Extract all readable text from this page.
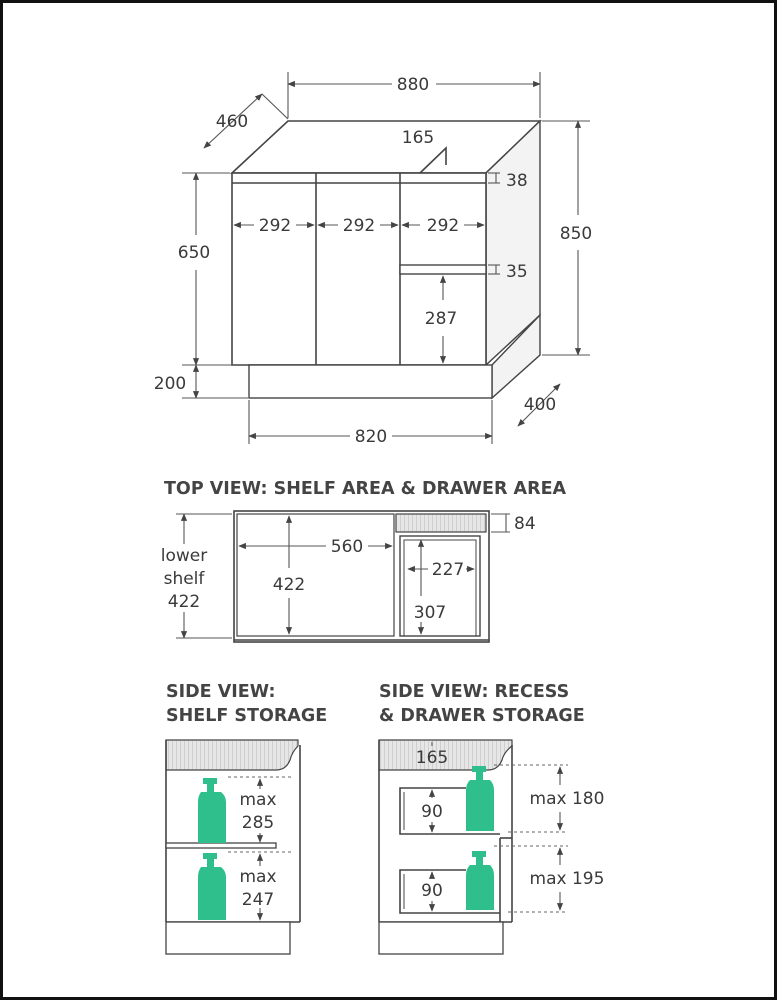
880
460
165
38
292	292	292	850
650
35
287
200
400
820
TOP VIEW: SHELF AREA & DRAWER AREA
lower
shelf
422
560
422
84
227
307
SIDE VIEW:
SHELF STORAGE
max
285
max
247
SIDE VIEW: RECESS
& DRAWER STORAGE
165
90
90
max 180
max 195
